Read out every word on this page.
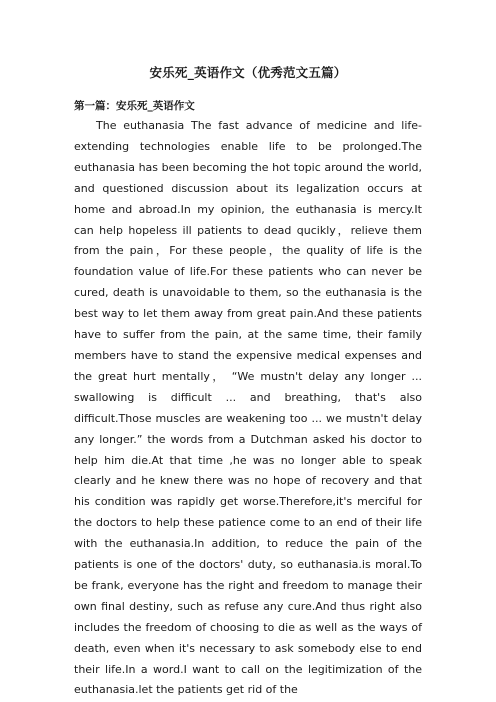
安乐死_英语作文（优秀范文五篇）
第一篇：安乐死_英语作文

The euthanasia The fast advance of medicine and life-extending technologies enable life to be prolonged.The euthanasia has been becoming the hot topic around the world, and questioned discussion about its legalization occurs at home and abroad.In my opinion, the euthanasia is mercy.It can help hopeless ill patients to dead qucikly，relieve them from the pain，For these people，the quality of life is the foundation value of life.For these patients who can never be cured, death is unavoidable to them, so the euthanasia is the best way to let them away from great pain.And these patients have to suffer from the pain, at the same time, their family members have to stand the expensive medical expenses and the great hurt mentally， “We mustn't delay any longer ... swallowing is difficult ... and breathing, that's also difficult.Those muscles are weakening too ... we mustn't delay any longer.” the words from a Dutchman asked his doctor to help him die.At that time ,he was no longer able to speak clearly and he knew there was no hope of recovery and that his condition was rapidly get worse.Therefore,it's merciful for the doctors to help these patience come to an end of their life with the euthanasia.In addition, to reduce the pain of the patients is one of the doctors' duty, so euthanasia.is moral.To be frank, everyone has the right and freedom to manage their own final destiny, such as refuse any cure.And thus right also includes the freedom of choosing to die as well as the ways of death, even when it's necessary to ask somebody else to end their life.In a word.I want to call on the legitimization of the euthanasia.let the patients get rid of the
